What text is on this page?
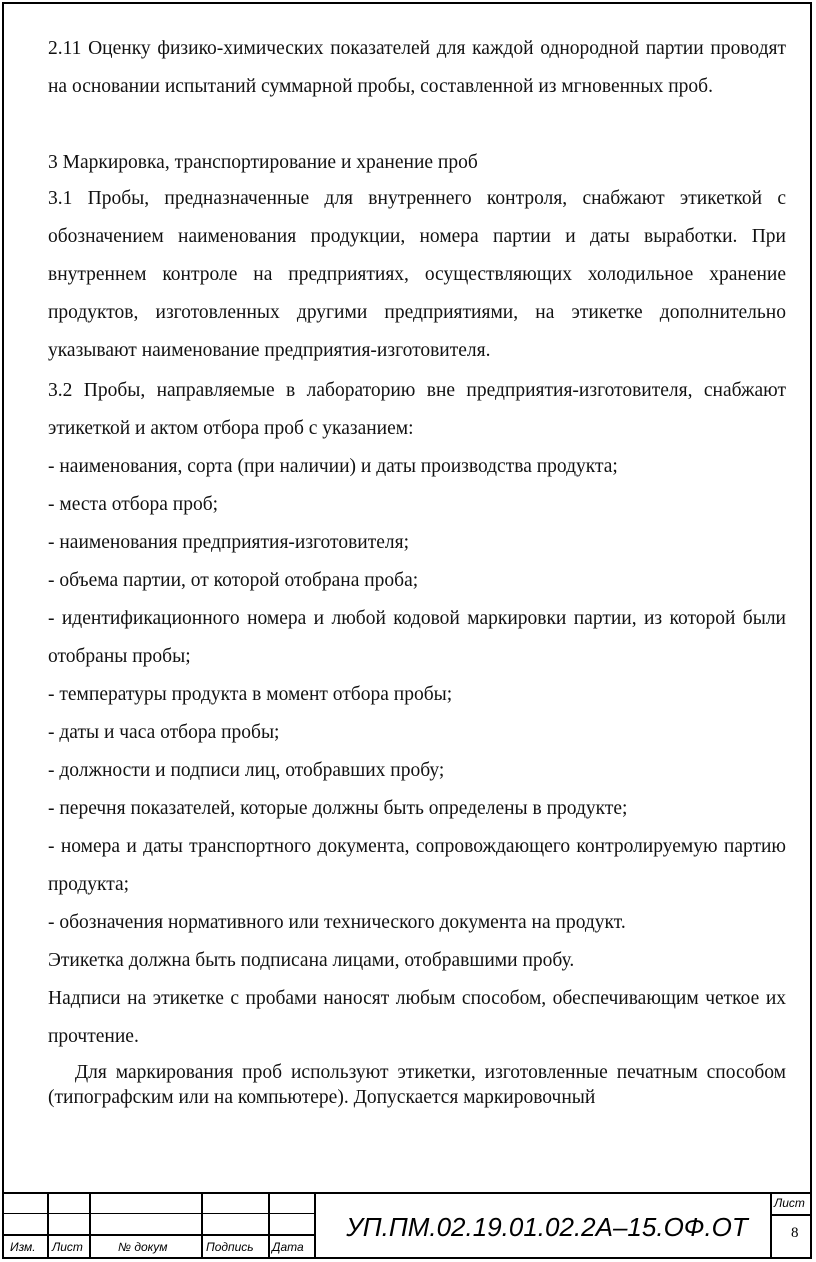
2.11 Оценку физико-химических показателей для каждой однородной партии проводят на основании испытаний суммарной пробы, составленной из мгновенных проб.

3 Маркировка, транспортирование и хранение проб

3.1 Пробы, предназначенные для внутреннего контроля, снабжают этикеткой с обозначением наименования продукции, номера партии и даты выработки. При внутреннем контроле на предприятиях, осуществляющих холодильное хранение продуктов, изготовленных другими предприятиями, на этикетке дополнительно указывают наименование предприятия-изготовителя.

3.2 Пробы, направляемые в лабораторию вне предприятия-изготовителя, снабжают этикеткой и актом отбора проб с указанием:

- наименования, сорта (при наличии) и даты производства продукта;

- места отбора проб;

- наименования предприятия-изготовителя;

- объема партии, от которой отобрана проба;

- идентификационного номера и любой кодовой маркировки партии, из которой были отобраны пробы;

- температуры продукта в момент отбора пробы;

- даты и часа отбора пробы;

- должности и подписи лиц, отобравших пробу;

- перечня показателей, которые должны быть определены в продукте;

- номера и даты транспортного документа, сопровождающего контролируемую партию продукта;

- обозначения нормативного или технического документа на продукт.

Этикетка должна быть подписана лицами, отобравшими пробу.

Надписи на этикетке с пробами наносят любым способом, обеспечивающим четкое их прочтение.

Для маркирования проб используют этикетки, изготовленные печатным способом (типографским или на компьютере). Допускается маркировочный

Изм. Лист	№ докум	Подпись Дата
УП.ПМ.02.19.01.02.2А–15.ОФ.ОТ
Лист
8
